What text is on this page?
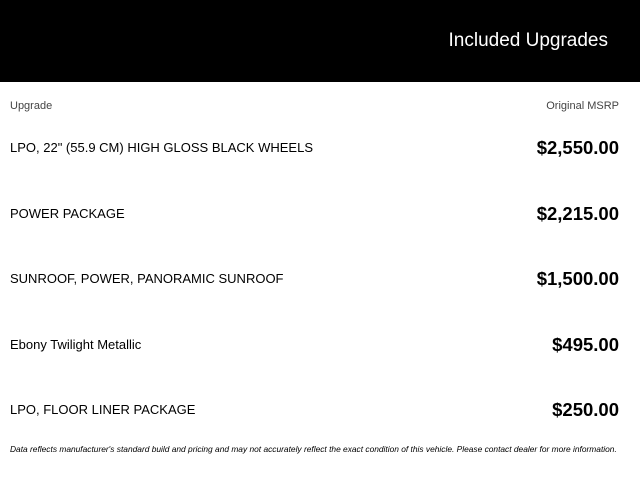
Included Upgrades
Upgrade	Original MSRP
LPO, 22" (55.9 CM) HIGH GLOSS BLACK WHEELS	$2,550.00
POWER PACKAGE	$2,215.00
SUNROOF, POWER, PANORAMIC SUNROOF	$1,500.00
Ebony Twilight Metallic	$495.00
LPO, FLOOR LINER PACKAGE	$250.00
Data reflects manufacturer's standard build and pricing and may not accurately reflect the exact condition of this vehicle. Please contact dealer for more information.
